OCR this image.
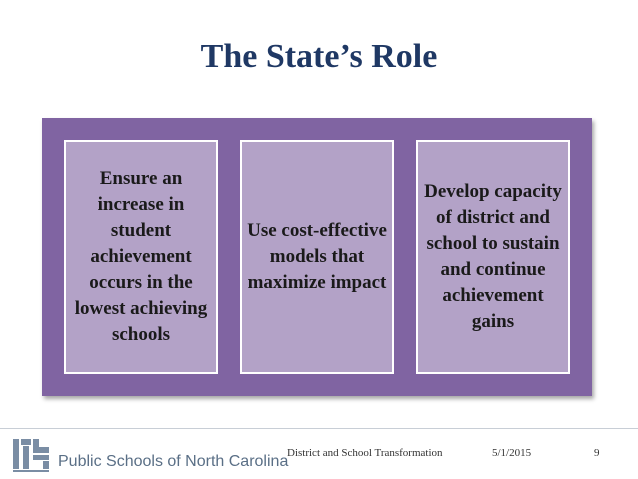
The State’s Role
Ensure an increase in student achievement occurs in the lowest achieving schools
Use cost-effective models that maximize impact
Develop capacity of district and school to sustain and continue achievement gains
Public Schools of North Carolina
District and School Transformation	5/1/2015	9
